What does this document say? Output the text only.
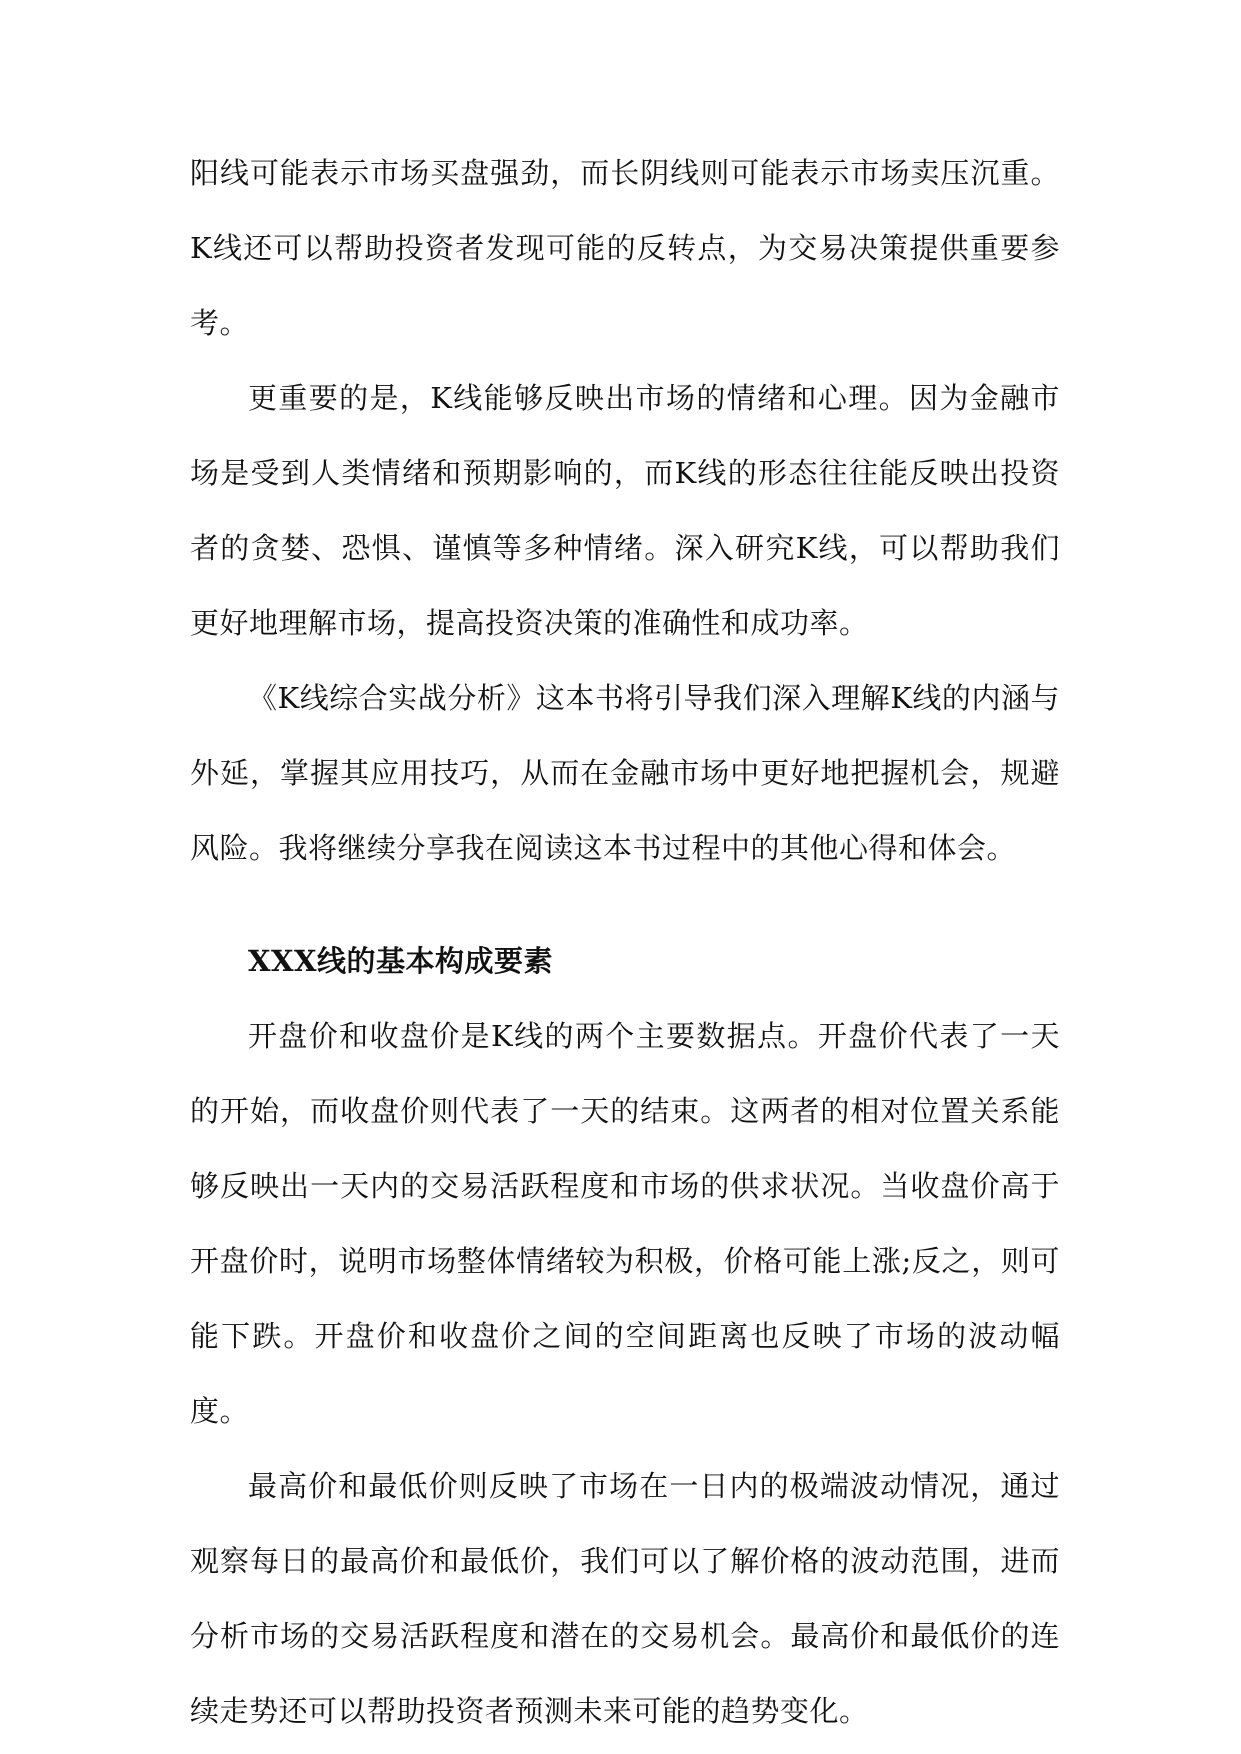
阳线可能表示市场买盘强劲，而长阴线则可能表示市场卖压沉重。K线还可以帮助投资者发现可能的反转点，为交易决策提供重要参考。

更重要的是，K线能够反映出市场的情绪和心理。因为金融市场是受到人类情绪和预期影响的，而K线的形态往往能反映出投资者的贪婪、恐惧、谨慎等多种情绪。深入研究K线，可以帮助我们更好地理解市场，提高投资决策的准确性和成功率。

《K线综合实战分析》这本书将引导我们深入理解K线的内涵与外延，掌握其应用技巧，从而在金融市场中更好地把握机会，规避风险。我将继续分享我在阅读这本书过程中的其他心得和体会。

XXX线的基本构成要素

开盘价和收盘价是K线的两个主要数据点。开盘价代表了一天的开始，而收盘价则代表了一天的结束。这两者的相对位置关系能够反映出一天内的交易活跃程度和市场的供求状况。当收盘价高于开盘价时，说明市场整体情绪较为积极，价格可能上涨;反之，则可能下跌。开盘价和收盘价之间的空间距离也反映了市场的波动幅度。

最高价和最低价则反映了市场在一日内的极端波动情况，通过观察每日的最高价和最低价，我们可以了解价格的波动范围，进而分析市场的交易活跃程度和潜在的交易机会。最高价和最低价的连续走势还可以帮助投资者预测未来可能的趋势变化。
